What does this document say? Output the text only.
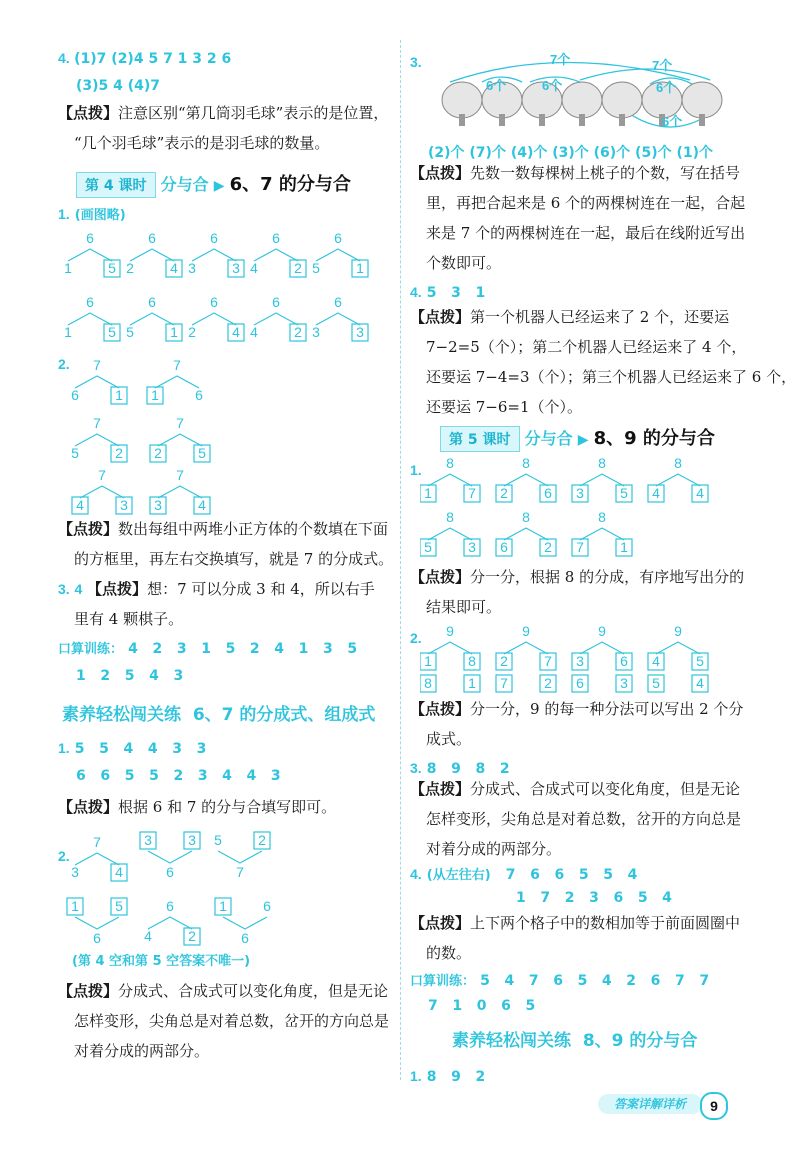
4. (1)7 (2)4 5 7 1 3 2 6
(3)5 4 (4)7
【点拨】注意区别“第几筒羽毛球”表示的是位置，
“几个羽毛球”表示的是羽毛球的数量。
第 4 课时 分与合 ▶ 6、7 的分与合
1. (画图略)
6
1	5
6
2	4
6
3	3
6
4	2
6
5	1
6
1	5
6
5	1
6
2	4
6
4	2
6
3	3
7
6	1
7
1	6
7
5	2
7
2	5
7
4	3
7
3	4
2.
【点拨】数出每组中两堆小正方体的个数填在下面
的方框里，再左右交换填写，就是 7 的分成式。
3. 4 【点拨】想：7 可以分成 3 和 4，所以右手
里有 4 颗棋子。
口算训练： 4   2   3   1   5   2   4   1   3   5
1   2   5   4   3
素养轻松闯关练  6、7 的分成式、组成式
1. 5   5   4   4   3   3
6   6   5   5   2   3   4   4   3
【点拨】根据 6 和 7 的分与合填写即可。
2.
7
3	4
3	3
6
5	2
7
1	5
6
6
4	2
1	6
6
(第 4 空和第 5 空答案不唯一)
【点拨】分成式、合成式可以变化角度，但是无论
怎样变形，尖角总是对着总数，岔开的方向总是
对着分成的两部分。
3.	7个	7个
6个	6个	6个
6个
(2)个 (7)个 (4)个 (3)个 (6)个 (5)个 (1)个
【点拨】先数一数每棵树上桃子的个数，写在括号
里，再把合起来是 6 个的两棵树连在一起，合起
来是 7 个的两棵树连在一起，最后在线附近写出
个数即可。
4. 5   3   1
【点拨】第一个机器人已经运来了 2 个，还要运
7−2=5（个）；第二个机器人已经运来了 4 个，
还要运 7−4=3（个）；第三个机器人已经运来了 6 个，
还要运 7−6=1（个）。
第 5 课时 分与合 ▶ 8、9 的分与合
1. 8
1	7
8
2	6
8
3	5
8
4	4
8
5	3
8
6	2
8
7	1
【点拨】分一分，根据 8 的分成，有序地写出分的
结果即可。
2. 9
1	8
8	1
9
2	7
7	2
9
3	6
6	3
9
4	5
5	4
【点拨】分一分，9 的每一种分法可以写出 2 个分
成式。
3. 8   9   8   2
【点拨】分成式、合成式可以变化角度，但是无论
怎样变形，尖角总是对着总数，岔开的方向总是
对着分成的两部分。
4. (从左往右) 7   6   6   5   5   4
1   7   2   3   6   5   4
【点拨】上下两个格子中的数相加等于前面圆圈中
的数。
口算训练： 5   4   7   6   5   4   2   6   7   7
7   1   0   6   5
素养轻松闯关练  8、9 的分与合
1. 8   9   2
答案详解详析	9
